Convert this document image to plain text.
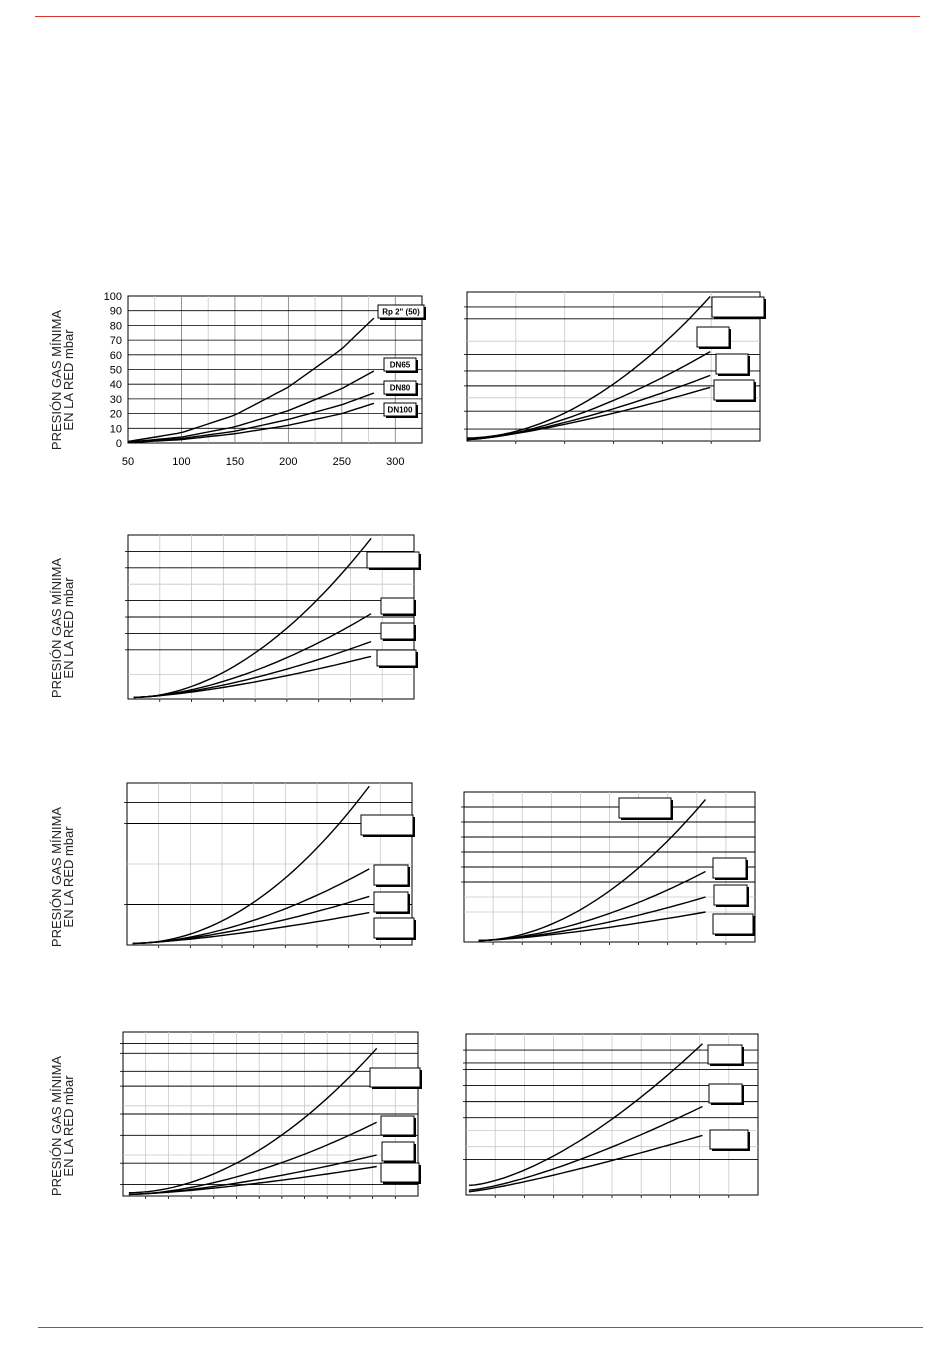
PRESIÓN GAS MÍNIMA
EN LA RED mbar
PRESIÓN GAS MÍNIMA
EN LA RED mbar
PRESIÓN GAS MÍNIMA
EN LA RED mbar
PRESIÓN GAS MÍNIMA
EN LA RED mbar
0
10
20
30
40
50
60
70
80
90
100
50	100	150	200	250	300
Rp 2" (50)
DN65
DN80
DN100
